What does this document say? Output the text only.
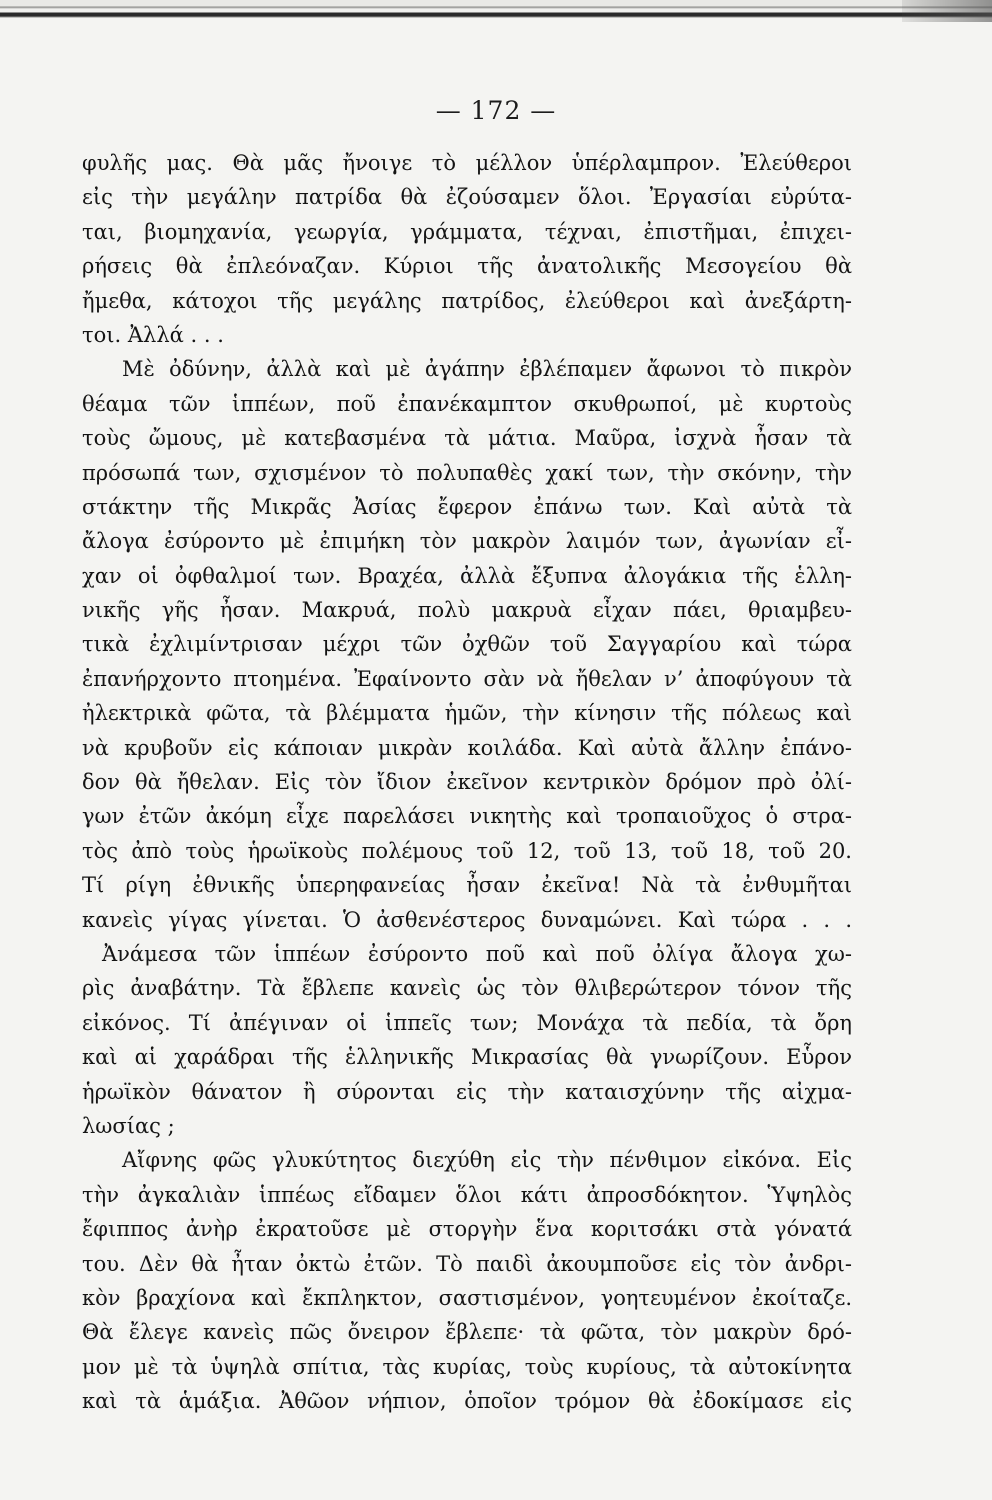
— 172 —
φυλῆς μας. Θὰ μᾶς ἤνοιγε τὸ μέλλον ὑπέρλαμπρον. Ἐλεύθεροι
εἰς τὴν μεγάλην πατρίδα θὰ ἐζούσαμεν ὅλοι. Ἐργασίαι εὐρύτα-
ται, βιομηχανία, γεωργία, γράμματα, τέχναι, ἐπιστῆμαι, ἐπιχει-
ρήσεις θὰ ἐπλεόναζαν. Κύριοι τῆς ἀνατολικῆς Μεσογείου θὰ
ἤμεθα, κάτοχοι τῆς μεγάλης πατρίδος, ἐλεύθεροι καὶ ἀνεξάρτη-
τοι. Ἀλλά . . .
Μὲ ὀδύνην, ἀλλὰ καὶ μὲ ἀγάπην ἐβλέπαμεν ἄφωνοι τὸ πικρὸν
θέαμα τῶν ἱππέων, ποῦ ἐπανέκαμπτον σκυθρωποί, μὲ κυρτοὺς
τοὺς ὤμους, μὲ κατεβασμένα τὰ μάτια. Μαῦρα, ἰσχνὰ ἦσαν τὰ
πρόσωπά των, σχισμένον τὸ πολυπαθὲς χακί των, τὴν σκόνην, τὴν
στάκτην τῆς Μικρᾶς Ἀσίας ἔφερον ἐπάνω των. Καὶ αὐτὰ τὰ
ἄλογα ἐσύροντο μὲ ἐπιμήκη τὸν μακρὸν λαιμόν των, ἀγωνίαν εἶ-
χαν οἱ ὀφθαλμοί των. Βραχέα, ἀλλὰ ἔξυπνα ἀλογάκια τῆς ἑλλη-
νικῆς γῆς ἦσαν. Μακρυά, πολὺ μακρυὰ εἶχαν πάει, θριαμβευ-
τικὰ ἐχλιμίντρισαν μέχρι τῶν ὀχθῶν τοῦ Σαγγαρίου καὶ τώρα
ἐπανήρχοντο πτοημένα. Ἐφαίνοντο σὰν νὰ ἤθελαν ν’ ἀποφύγουν τὰ
ἠλεκτρικὰ φῶτα, τὰ βλέμματα ἡμῶν, τὴν κίνησιν τῆς πόλεως καὶ
νὰ κρυβοῦν εἰς κάποιαν μικρὰν κοιλάδα. Καὶ αὐτὰ ἄλλην ἐπάνο-
δον θὰ ἤθελαν. Εἰς τὸν ἴδιον ἐκεῖνον κεντρικὸν δρόμον πρὸ ὀλί-
γων ἐτῶν ἀκόμη εἶχε παρελάσει νικητὴς καὶ τροπαιοῦχος ὁ στρα-
τὸς ἀπὸ τοὺς ἡρωϊκοὺς πολέμους τοῦ 12, τοῦ 13, τοῦ 18, τοῦ 20.
Τί ρίγη ἐθνικῆς ὑπερηφανείας ἦσαν ἐκεῖνα! Νὰ τὰ ἐνθυμῆται
κανεὶς γίγας γίνεται. Ὁ ἀσθενέστερος δυναμώνει. Καὶ τώρα . . .
Ἀνάμεσα τῶν ἱππέων ἐσύροντο ποῦ καὶ ποῦ ὀλίγα ἄλογα χω-
ρὶς ἀναβάτην. Τὰ ἔβλεπε κανεὶς ὡς τὸν θλιβερώτερον τόνον τῆς
εἰκόνος. Τί ἀπέγιναν οἱ ἱππεῖς των; Μονάχα τὰ πεδία, τὰ ὄρη
καὶ αἱ χαράδραι τῆς ἑλληνικῆς Μικρασίας θὰ γνωρίζουν. Εὗρον
ἡρωϊκὸν θάνατον ἢ σύρονται εἰς τὴν καταισχύνην τῆς αἰχμα-
λωσίας ;
Αἴφνης φῶς γλυκύτητος διεχύθη εἰς τὴν πένθιμον εἰκόνα. Εἰς
τὴν ἀγκαλιὰν ἱππέως εἴδαμεν ὅλοι κάτι ἀπροσδόκητον. Ὑψηλὸς
ἔφιππος ἀνὴρ ἐκρατοῦσε μὲ στοργὴν ἕνα κοριτσάκι στὰ γόνατά
του. Δὲν θὰ ἦταν ὀκτὼ ἐτῶν. Τὸ παιδὶ ἀκουμποῦσε εἰς τὸν ἀνδρι-
κὸν βραχίονα καὶ ἔκπληκτον, σαστισμένον, γοητευμένον ἐκοίταζε.
Θὰ ἔλεγε κανεὶς πῶς ὄνειρον ἔβλεπε· τὰ φῶτα, τὸν μακρὺν δρό-
μον μὲ τὰ ὑψηλὰ σπίτια, τὰς κυρίας, τοὺς κυρίους, τὰ αὐτοκίνητα
καὶ τὰ ἁμάξια. Ἀθῶον νήπιον, ὁποῖον τρόμον θὰ ἐδοκίμασε εἰς
